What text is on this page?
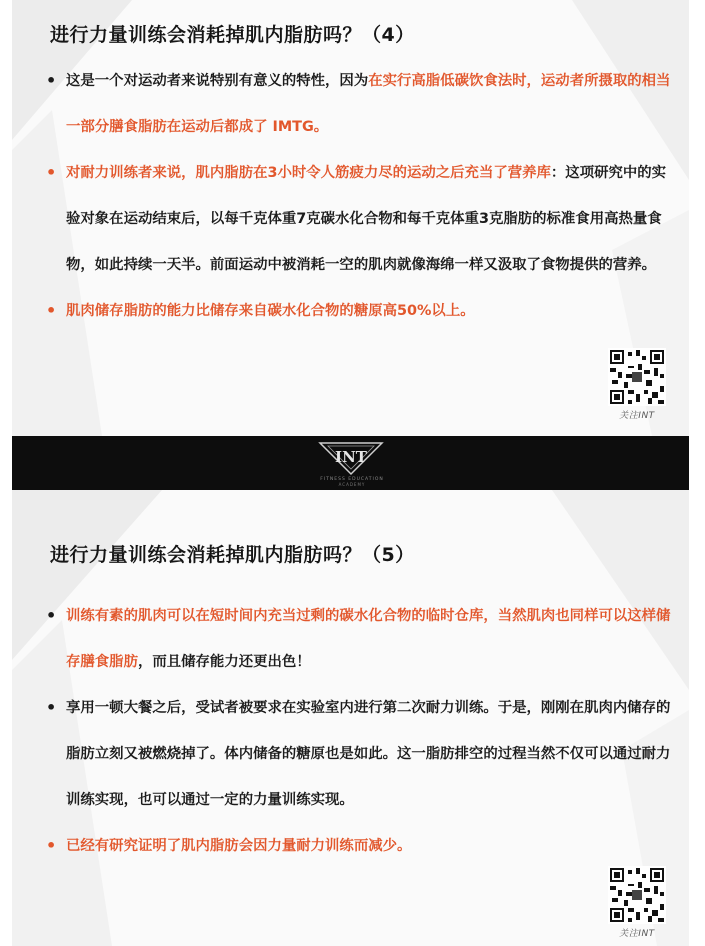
进行力量训练会消耗掉肌内脂肪吗？（4）
• 这是一个对运动者来说特别有意义的特性，因为在实行高脂低碳饮食法时，运动者所摄取的相当一部分膳食脂肪在运动后都成了 IMTG。
• 对耐力训练者来说，肌内脂肪在3小时令人筋疲力尽的运动之后充当了营养库：这项研究中的实验对象在运动结束后，以每千克体重7克碳水化合物和每千克体重3克脂肪的标准食用高热量食物，如此持续一天半。前面运动中被消耗一空的肌肉就像海绵一样又汲取了食物提供的营养。
• 肌肉储存脂肪的能力比储存来自碳水化合物的糖原高50%以上。
关注INT
INT
FITNESS EDUCATION
ACADEMY
进行力量训练会消耗掉肌内脂肪吗？（5）
• 训练有素的肌肉可以在短时间内充当过剩的碳水化合物的临时仓库，当然肌肉也同样可以这样储存膳食脂肪，而且储存能力还更出色！
• 享用一顿大餐之后，受试者被要求在实验室内进行第二次耐力训练。于是，刚刚在肌肉内储存的脂肪立刻又被燃烧掉了。体内储备的糖原也是如此。这一脂肪排空的过程当然不仅可以通过耐力训练实现，也可以通过一定的力量训练实现。
• 已经有研究证明了肌内脂肪会因力量耐力训练而减少。
关注INT
